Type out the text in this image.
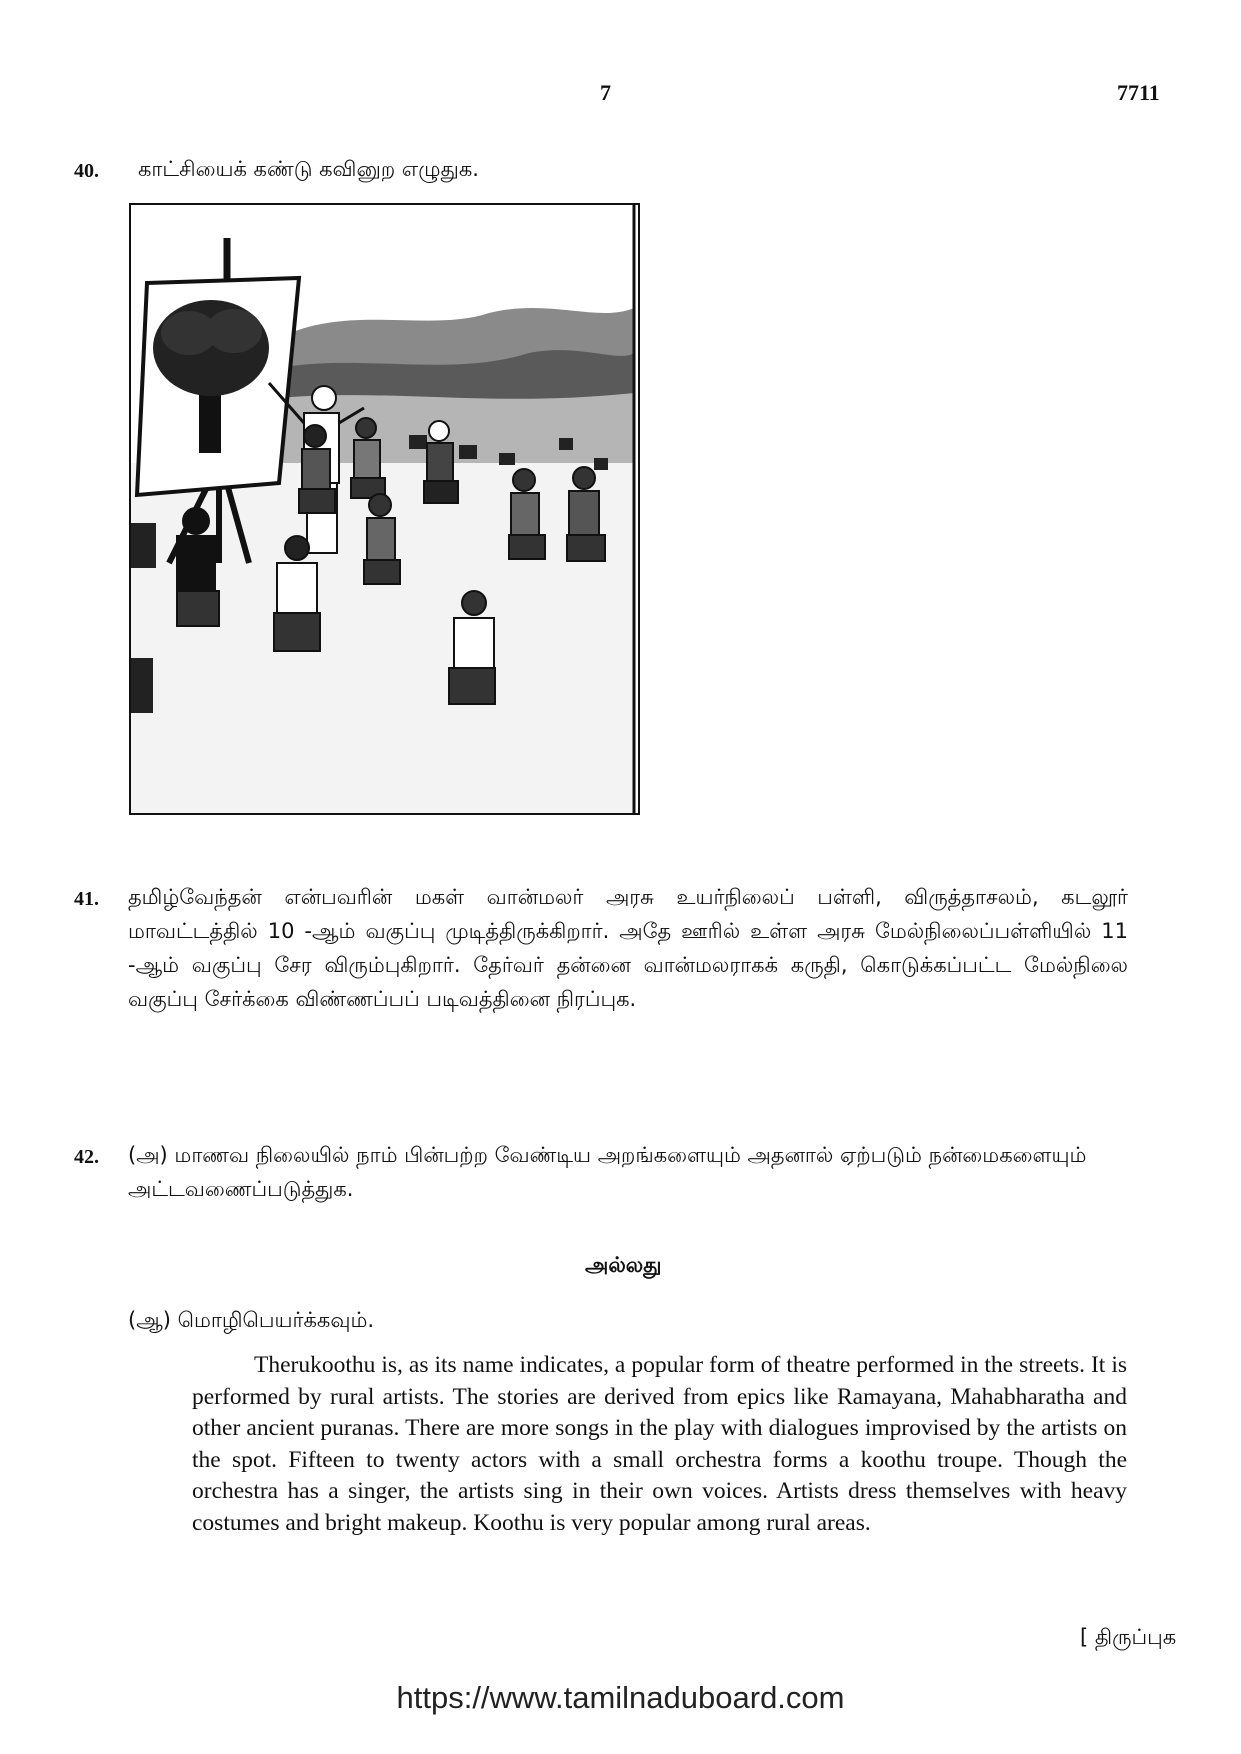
7	7711
40. காட்சியைக் கண்டு கவினுற எழுதுக.
41. தமிழ்வேந்தன் என்பவரின் மகள் வான்மலர் அரசு உயர்நிலைப் பள்ளி, விருத்தாசலம், கடலூர் மாவட்டத்தில் 10 -ஆம் வகுப்பு முடித்திருக்கிறார். அதே ஊரில் உள்ள அரசு மேல்நிலைப்பள்ளியில் 11 -ஆம் வகுப்பு சேர விரும்புகிறார். தேர்வர் தன்னை வான்மலராகக் கருதி, கொடுக்கப்பட்ட மேல்நிலை வகுப்பு சேர்க்கை விண்ணப்பப் படிவத்தினை நிரப்புக.
42. (அ) மாணவ நிலையில் நாம் பின்பற்ற வேண்டிய அறங்களையும் அதனால் ஏற்படும் நன்மைகளையும் அட்டவணைப்படுத்துக.
அல்லது
(ஆ) மொழிபெயர்க்கவும்.
Therukoothu is, as its name indicates, a popular form of theatre performed in the streets. It is performed by rural artists. The stories are derived from epics like Ramayana, Mahabharatha and other ancient puranas. There are more songs in the play with dialogues improvised by the artists on the spot. Fifteen to twenty actors with a small orchestra forms a koothu troupe. Though the orchestra has a singer, the artists sing in their own voices. Artists dress themselves with heavy costumes and bright makeup. Koothu is very popular among rural areas.
[ திருப்புக
https://www.tamilnaduboard.com
